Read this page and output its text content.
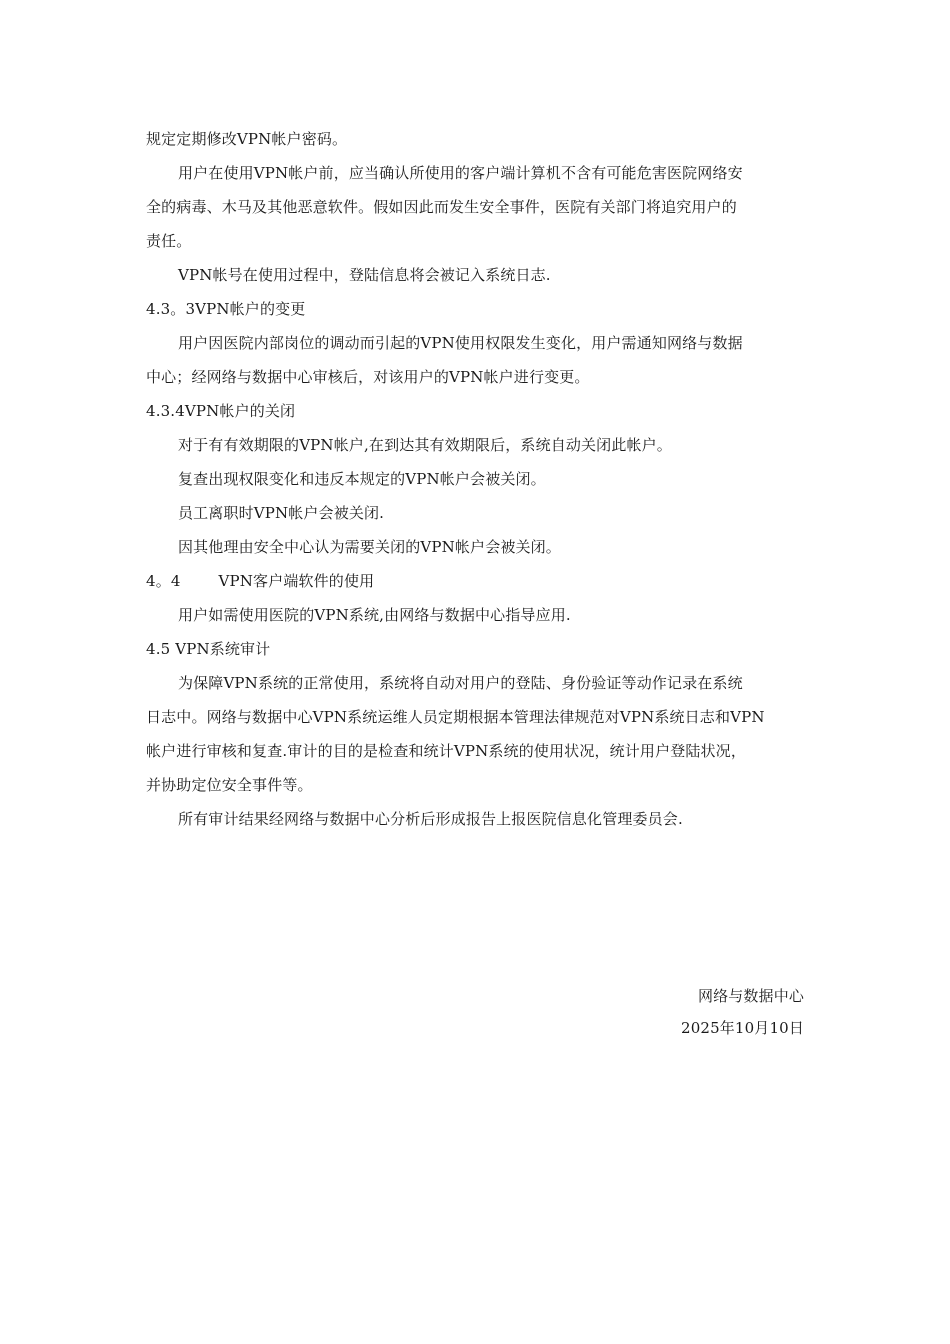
规定定期修改VPN帐户密码。
用户在使用VPN帐户前，应当确认所使用的客户端计算机不含有可能危害医院网络安
全的病毒、木马及其他恶意软件。假如因此而发生安全事件，医院有关部门将追究用户的
责任。
VPN帐号在使用过程中，登陆信息将会被记入系统日志.
4.3。3VPN帐户的变更
用户因医院内部岗位的调动而引起的VPN使用权限发生变化，用户需通知网络与数据
中心；经网络与数据中心审核后，对该用户的VPN帐户进行变更。
4.3.4VPN帐户的关闭
对于有有效期限的VPN帐户,在到达其有效期限后，系统自动关闭此帐户。
复查出现权限变化和违反本规定的VPN帐户会被关闭。
员工离职时VPN帐户会被关闭.
因其他理由安全中心认为需要关闭的VPN帐户会被关闭。
4。4	VPN客户端软件的使用
用户如需使用医院的VPN系统,由网络与数据中心指导应用.
4.5 VPN系统审计
为保障VPN系统的正常使用，系统将自动对用户的登陆、身份验证等动作记录在系统
日志中。网络与数据中心VPN系统运维人员定期根据本管理法律规范对VPN系统日志和VPN
帐户进行审核和复查.审计的目的是检查和统计VPN系统的使用状况，统计用户登陆状况，
并协助定位安全事件等。
所有审计结果经网络与数据中心分析后形成报告上报医院信息化管理委员会.
网络与数据中心
2025年10月10日
